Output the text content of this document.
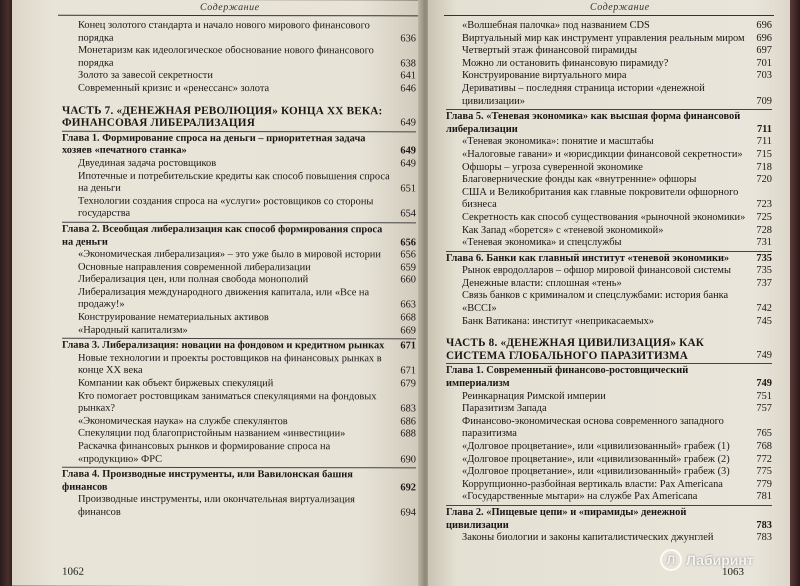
Содержание
Конец золотого стандарта и начало нового мирового финансового порядка	636
Монетаризм как идеологическое обоснование нового финансового порядка	638
Золото за завесой секретности	641
Современный кризис и «ренессанс» золота	646
ЧАСТЬ 7. «ДЕНЕЖНАЯ РЕВОЛЮЦИЯ» КОНЦА XX ВЕКА: ФИНАНСОВАЯ ЛИБЕРАЛИЗАЦИЯ	649
Глава 1. Формирование спроса на деньги – приоритетная задача хозяев «печатного станка»	649
Двуединая задача ростовщиков	649
Ипотечные и потребительские кредиты как способ повышения спроса на деньги	651
Технологии создания спроса на «услуги» ростовщиков со стороны государства	654
Глава 2. Всеобщая либерализация как способ формирования спроса на деньги	656
«Экономическая либерализация» – это уже было в мировой истории	656
Основные направления современной либерализации	659
Либерализация цен, или полная свобода монополий	660
Либерализация международного движения капитала, или «Все на продажу!»	663
Конструирование нематериальных активов	668
«Народный капитализм»	669
Глава 3. Либерализация: новации на фондовом и кредитном рынках	671
Новые технологии и проекты ростовщиков на финансовых рынках в конце XX века	671
Компании как объект биржевых спекуляций	679
Кто помогает ростовщикам заниматься спекуляциями на фондовых рынках?	683
«Экономическая наука» на службе спекулянтов	686
Спекуляции под благопристойным названием «инвестиции»	688
Раскачка финансовых рынков и формирование спроса на «продукцию» ФРС	690
Глава 4. Производные инструменты, или Вавилонская башня финансов	692
Производные инструменты, или окончательная виртуализация финансов	694
1062
Содержание
«Волшебная палочка» под названием CDS	696
Виртуальный мир как инструмент управления реальным миром	696
Четвертый этаж финансовой пирамиды	697
Можно ли остановить финансовую пирамиду?	701
Конструирование виртуального мира	703
Деривативы – последняя страница истории «денежной цивилизации»	709
Глава 5. «Теневая экономика» как высшая форма финансовой либерализации	711
«Теневая экономика»: понятие и масштабы	711
«Налоговые гавани» и «юрисдикции финансовой секретности»	715
Офшоры – угроза суверенной экономике	718
Благовернические фонды как «внутренние» офшоры	720
США и Великобритания как главные покровители офшорного бизнеса	723
Секретность как способ существования «рыночной экономики»	725
Как Запад «борется» с «теневой экономикой»	728
«Теневая экономика» и спецслужбы	731
Глава 6. Банки как главный институт «теневой экономики»	735
Рынок евродолларов – офшор мировой финансовой системы	735
Денежные власти: сплошная «тень»	737
Связь банков с криминалом и спецслужбами: история банка «BCCI»	742
Банк Ватикана: институт «неприкасаемых»	745
ЧАСТЬ 8. «ДЕНЕЖНАЯ ЦИВИЛИЗАЦИЯ» КАК СИСТЕМА ГЛОБАЛЬНОГО ПАРАЗИТИЗМА	749
Глава 1. Современный финансово-ростовщический империализм	749
Реинкарнация Римской империи	751
Паразитизм Запада	757
Финансово-экономическая основа современного западного паразитизма	765
«Долговое процветание», или «цивилизованный» грабеж (1)	768
«Долговое процветание», или «цивилизованный» грабеж (2)	772
«Долговое процветание», или «цивилизованный» грабеж (3)	775
Коррупционно-разбойная вертикаль власти: Pax Americana	779
«Государственные мытари» на службе Pax Americana	781
Глава 2. «Пищевые цепи» и «пирамиды» денежной цивилизации	783
Законы биологии и законы капиталистических джунглей	783
1063
Л Лабиринт
